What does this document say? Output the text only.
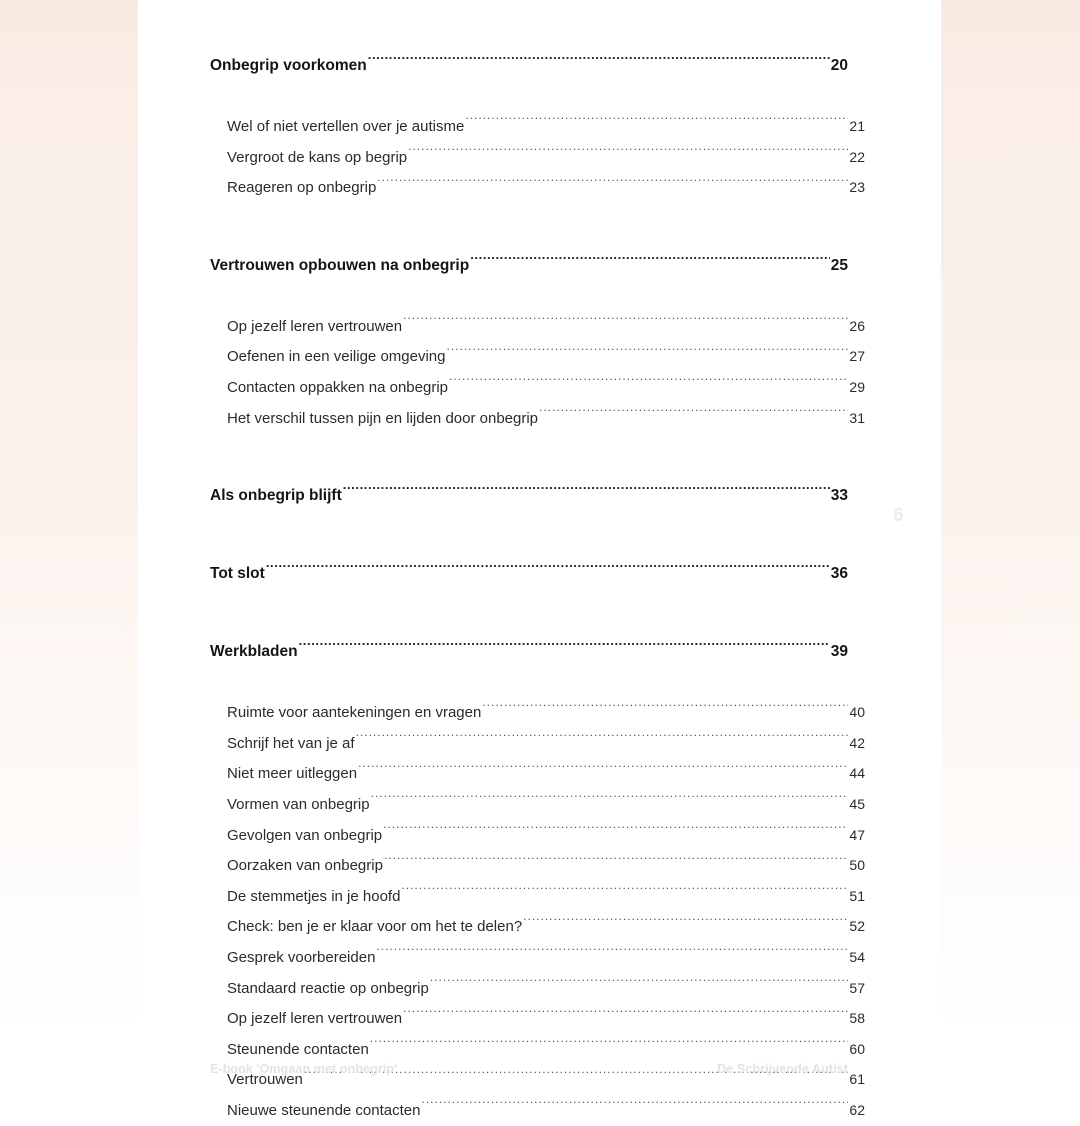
Onbegrip voorkomen .....	20
Wel of niet vertellen over je autisme .....	21
Vergroot de kans op begrip .....	22
Reageren op onbegrip .....	23
Vertrouwen opbouwen na onbegrip .....	25
Op jezelf leren vertrouwen .....	26
Oefenen in een veilige omgeving .....	27
Contacten oppakken na onbegrip .....	29
Het verschil tussen pijn en lijden door onbegrip .....	31
Als onbegrip blijft .....	33
Tot slot .....	36
Werkbladen .....	39
Ruimte voor aantekeningen en vragen .....	40
Schrijf het van je af .....	42
Niet meer uitleggen .....	44
Vormen van onbegrip .....	45
Gevolgen van onbegrip .....	47
Oorzaken van onbegrip .....	50
De stemmetjes in je hoofd .....	51
Check: ben je er klaar voor om het te delen? .....	52
Gesprek voorbereiden .....	54
Standaard reactie op onbegrip .....	57
Op jezelf leren vertrouwen .....	58
Steunende contacten .....	60
Vertrouwen .....	61
Nieuwe steunende contacten .....	62
6
E-book 'Omgaan met onbegrip'	De Schrijvende Autist
